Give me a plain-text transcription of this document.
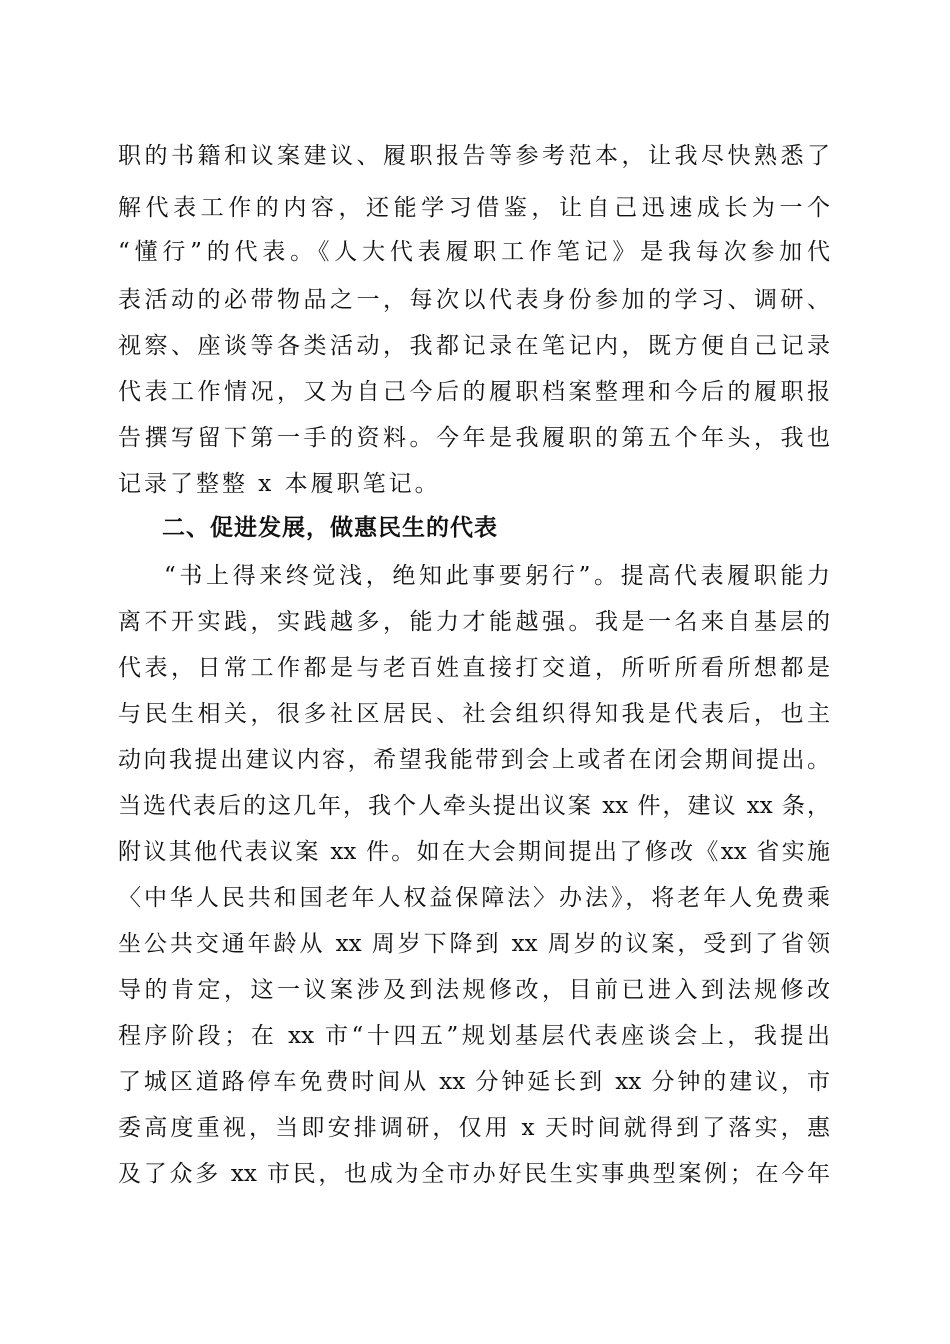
职的书籍和议案建议、履职报告等参考范本，让我尽快熟悉了
解代表工作的内容，还能学习借鉴，让自己迅速成长为一个
“懂行”的代表。《人大代表履职工作笔记》是我每次参加代
表活动的必带物品之一，每次以代表身份参加的学习、调研、
视察、座谈等各类活动，我都记录在笔记内，既方便自己记录
代表工作情况，又为自己今后的履职档案整理和今后的履职报
告撰写留下第一手的资料。今年是我履职的第五个年头，我也
记录了整整 x 本履职笔记。
二、促进发展，做惠民生的代表
“书上得来终觉浅，绝知此事要躬行”。提高代表履职能力
离不开实践，实践越多，能力才能越强。我是一名来自基层的
代表，日常工作都是与老百姓直接打交道，所听所看所想都是
与民生相关，很多社区居民、社会组织得知我是代表后，也主
动向我提出建议内容，希望我能带到会上或者在闭会期间提出。
当选代表后的这几年，我个人牵头提出议案 xx 件，建议 xx 条，
附议其他代表议案 xx 件。如在大会期间提出了修改《xx 省实施
〈中华人民共和国老年人权益保障法〉办法》，将老年人免费乘
坐公共交通年龄从 xx 周岁下降到 xx 周岁的议案，受到了省领
导的肯定，这一议案涉及到法规修改，目前已进入到法规修改
程序阶段；在 xx 市“十四五”规划基层代表座谈会上，我提出
了城区道路停车免费时间从 xx 分钟延长到 xx 分钟的建议，市
委高度重视，当即安排调研，仅用 x 天时间就得到了落实，惠
及了众多 xx 市民，也成为全市办好民生实事典型案例；在今年
